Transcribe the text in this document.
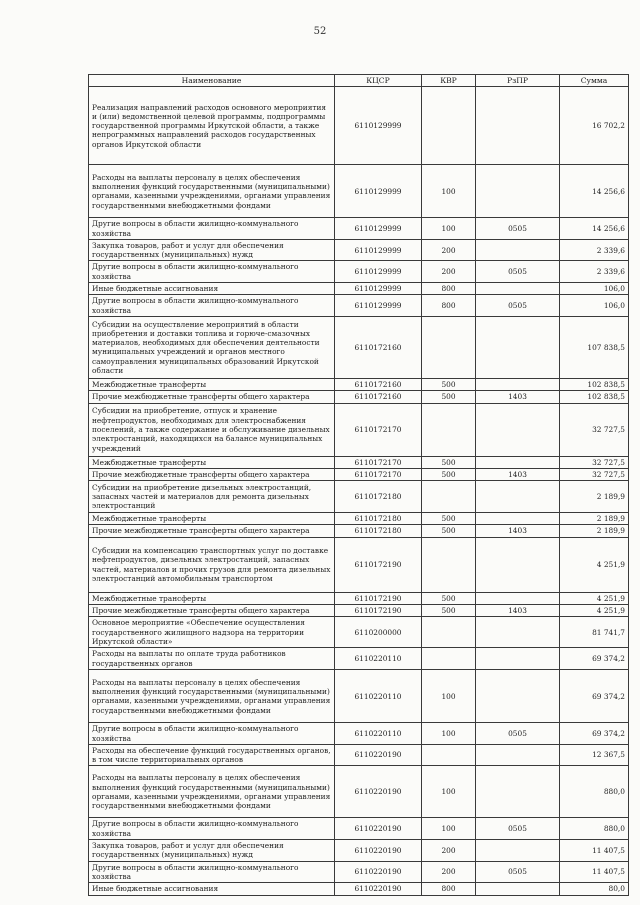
52
Наименование	КЦСР	КВР	РзПР	Сумма
Реализация направлений расходов основного мероприятия и (или) ведомственной целевой программы, подпрограммы государственной программы Иркутской области, а также непрограммных направлений расходов государственных органов Иркутской области	6110129999			16 702,2
Расходы на выплаты персоналу в целях обеспечения выполнения функций государственными (муниципальными) органами, казенными учреждениями, органами управления государственными внебюджетными фондами	6110129999	100		14 256,6
Другие вопросы в области жилищно-коммунального хозяйства	6110129999	100	0505	14 256,6
Закупка товаров, работ и услуг для обеспечения государственных (муниципальных) нужд	6110129999	200		2 339,6
Другие вопросы в области жилищно-коммунального хозяйства	6110129999	200	0505	2 339,6
Иные бюджетные ассигнования	6110129999	800		106,0
Другие вопросы в области жилищно-коммунального хозяйства	6110129999	800	0505	106,0
Субсидии на осуществление мероприятий в области приобретения и доставки топлива и горюче-смазочных материалов, необходимых для обеспечения деятельности муниципальных учреждений и органов местного самоуправления муниципальных образований Иркутской области	6110172160			107 838,5
Межбюджетные трансферты	6110172160	500		102 838,5
Прочие межбюджетные трансферты общего характера	6110172160	500	1403	102 838,5
Субсидии на приобретение, отпуск и хранение нефтепродуктов, необходимых для электроснабжения поселений, а также содержание и обслуживание дизельных электростанций, находящихся на балансе муниципальных учреждений	6110172170			32 727,5
Межбюджетные трансферты	6110172170	500		32 727,5
Прочие межбюджетные трансферты общего характера	6110172170	500	1403	32 727,5
Субсидии на приобретение дизельных электростанций, запасных частей и материалов для ремонта дизельных электростанций	6110172180			2 189,9
Межбюджетные трансферты	6110172180	500		2 189,9
Прочие межбюджетные трансферты общего характера	6110172180	500	1403	2 189,9
Субсидии на компенсацию транспортных услуг по доставке нефтепродуктов, дизельных электростанций, запасных частей, материалов и прочих грузов для ремонта дизельных электростанций автомобильным транспортом	6110172190			4 251,9
Межбюджетные трансферты	6110172190	500		4 251,9
Прочие межбюджетные трансферты общего характера	6110172190	500	1403	4 251,9
Основное мероприятие «Обеспечение осуществления государственного жилищного надзора на территории Иркутской области»	6110200000			81 741,7
Расходы на выплаты по оплате труда работников государственных органов	6110220110			69 374,2
Расходы на выплаты персоналу в целях обеспечения выполнения функций государственными (муниципальными) органами, казенными учреждениями, органами управления государственными внебюджетными фондами	6110220110	100		69 374,2
Другие вопросы в области жилищно-коммунального хозяйства	6110220110	100	0505	69 374,2
Расходы на обеспечение функций государственных органов, в том числе территориальных органов	6110220190			12 367,5
Расходы на выплаты персоналу в целях обеспечения выполнения функций государственными (муниципальными) органами, казенными учреждениями, органами управления государственными внебюджетными фондами	6110220190	100		880,0
Другие вопросы в области жилищно-коммунального хозяйства	6110220190	100	0505	880,0
Закупка товаров, работ и услуг для обеспечения государственных (муниципальных) нужд	6110220190	200		11 407,5
Другие вопросы в области жилищно-коммунального хозяйства	6110220190	200	0505	11 407,5
Иные бюджетные ассигнования	6110220190	800		80,0
